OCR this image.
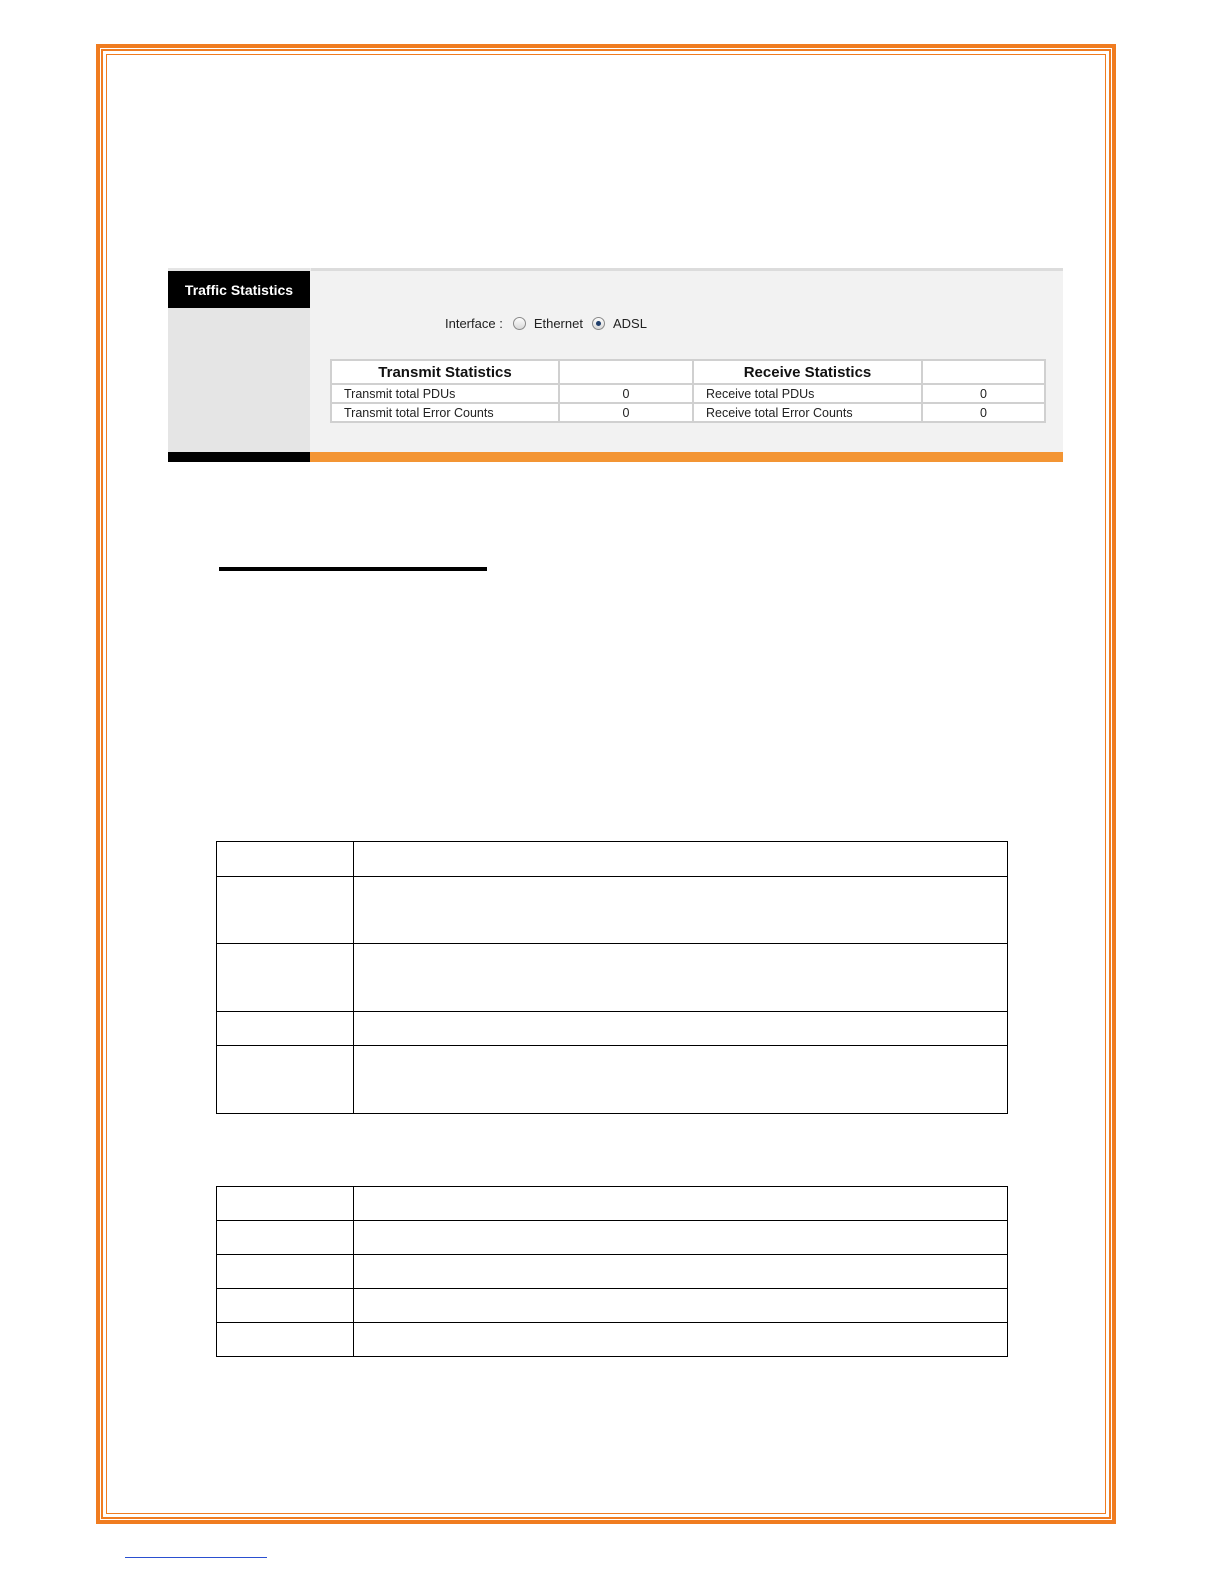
Traffic Statistics
Interface : Ethernet ADSL
Transmit Statistics		Receive Statistics	
Transmit total PDUs	0	Receive total PDUs	0
Transmit total Error Counts	0	Receive total Error Counts	0
